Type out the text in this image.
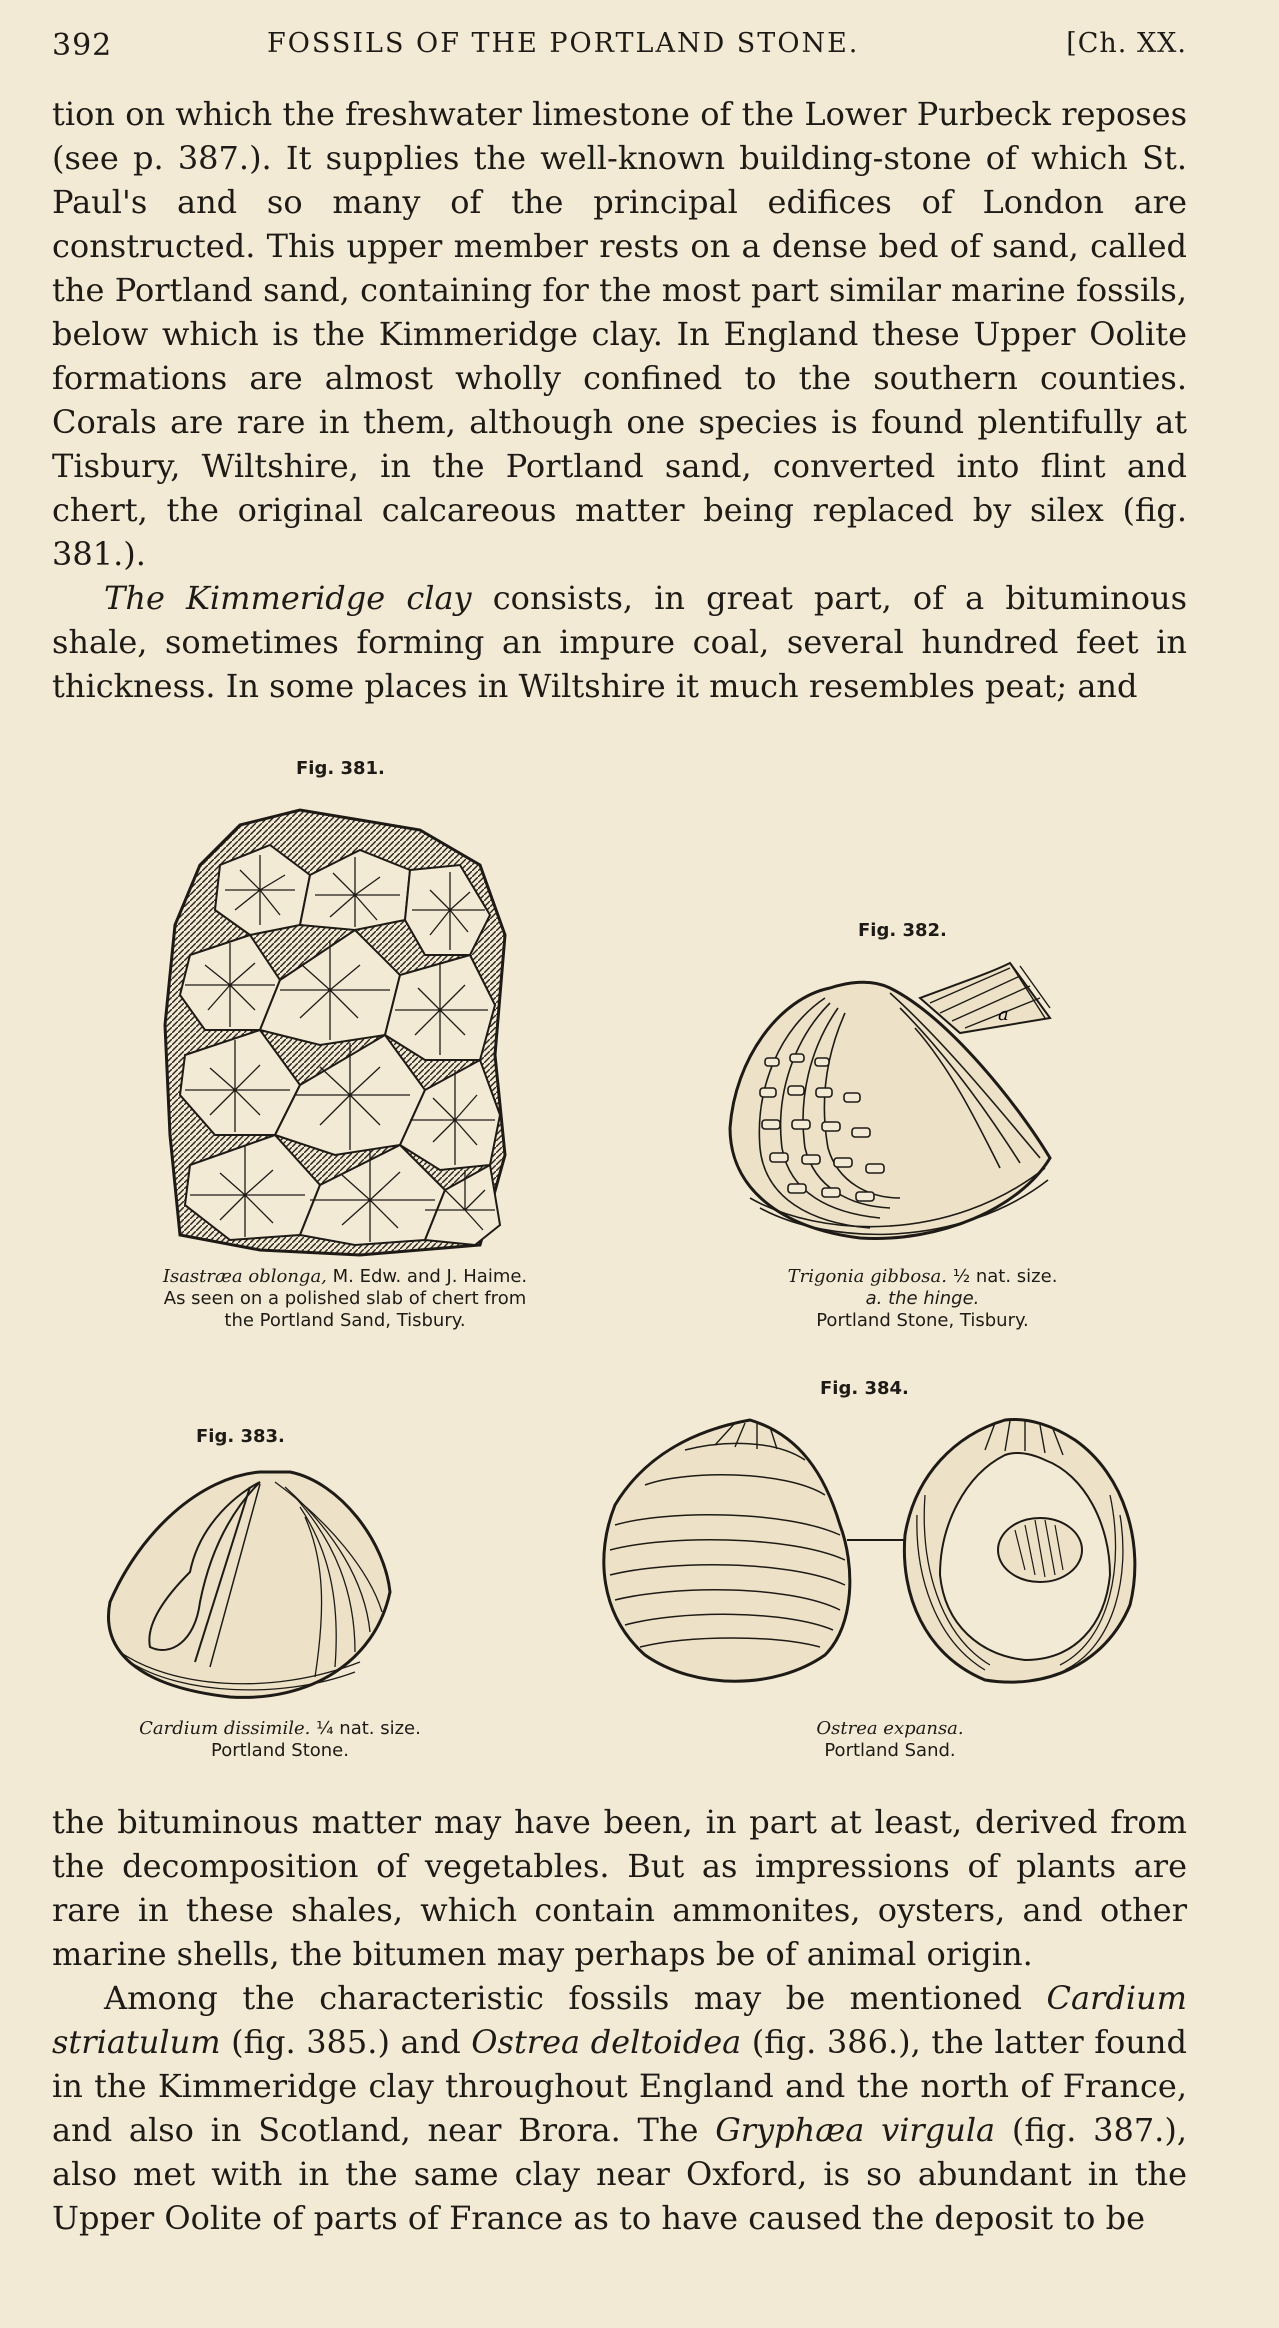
392	FOSSILS OF THE PORTLAND STONE.	[Ch. XX.

tion on which the freshwater limestone of the Lower Purbeck reposes (see p. 387.). It supplies the well-known building-stone of which St. Paul's and so many of the principal edifices of London are constructed. This upper member rests on a dense bed of sand, called the Portland sand, containing for the most part similar marine fossils, below which is the Kimmeridge clay. In England these Upper Oolite formations are almost wholly confined to the southern counties. Corals are rare in them, although one species is found plentifully at Tisbury, Wiltshire, in the Portland sand, converted into flint and chert, the original calcareous matter being replaced by silex (fig. 381.).

The Kimmeridge clay consists, in great part, of a bituminous shale, sometimes forming an impure coal, several hundred feet in thickness. In some places in Wiltshire it much resembles peat; and

Fig. 381.
Isastræa oblonga, M. Edw. and J. Haime.
As seen on a polished slab of chert from
the Portland Sand, Tisbury.
Fig. 382.
a
Trigonia gibbosa. ½ nat. size.
a. the hinge.
Portland Stone, Tisbury.
Fig. 383.
Cardium dissimile. ¼ nat. size.
Portland Stone.
Fig. 384.
Ostrea expansa.
Portland Sand.

the bituminous matter may have been, in part at least, derived from the decomposition of vegetables. But as impressions of plants are rare in these shales, which contain ammonites, oysters, and other marine shells, the bitumen may perhaps be of animal origin.

Among the characteristic fossils may be mentioned Cardium striatulum (fig. 385.) and Ostrea deltoidea (fig. 386.), the latter found in the Kimmeridge clay throughout England and the north of France, and also in Scotland, near Brora. The Gryphæa virgula (fig. 387.), also met with in the same clay near Oxford, is so abundant in the Upper Oolite of parts of France as to have caused the deposit to be
